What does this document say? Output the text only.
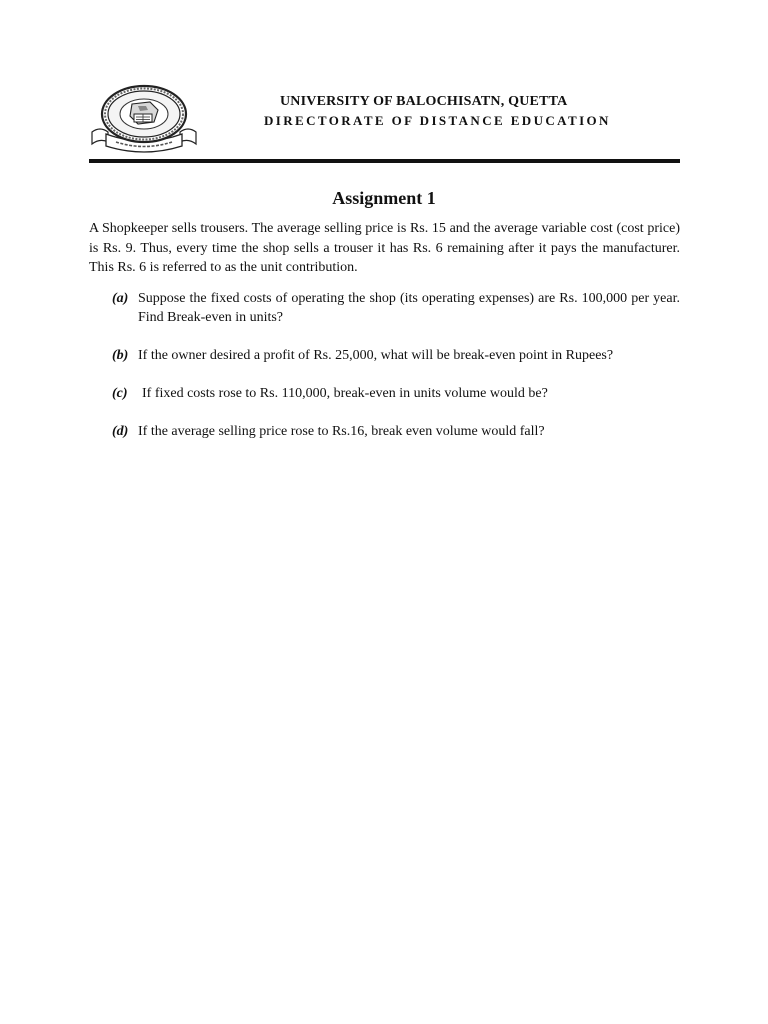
UNIVERSITY OF BALOCHISATN, QUETTA
DIRECTORATE OF DISTANCE EDUCATION
Assignment 1

A Shopkeeper sells trousers. The average selling price is Rs. 15 and the average variable cost (cost price) is Rs. 9. Thus, every time the shop sells a trouser it has Rs. 6 remaining after it pays the manufacturer. This Rs. 6 is referred to as the unit contribution.

(a) Suppose the fixed costs of operating the shop (its operating expenses) are Rs. 100,000 per year. Find Break-even in units?
(b) If the owner desired a profit of Rs. 25,000, what will be break-even point in Rupees?
(c)	If fixed costs rose to Rs. 110,000, break-even in units volume would be?
(d) If the average selling price rose to Rs.16, break even volume would fall?
